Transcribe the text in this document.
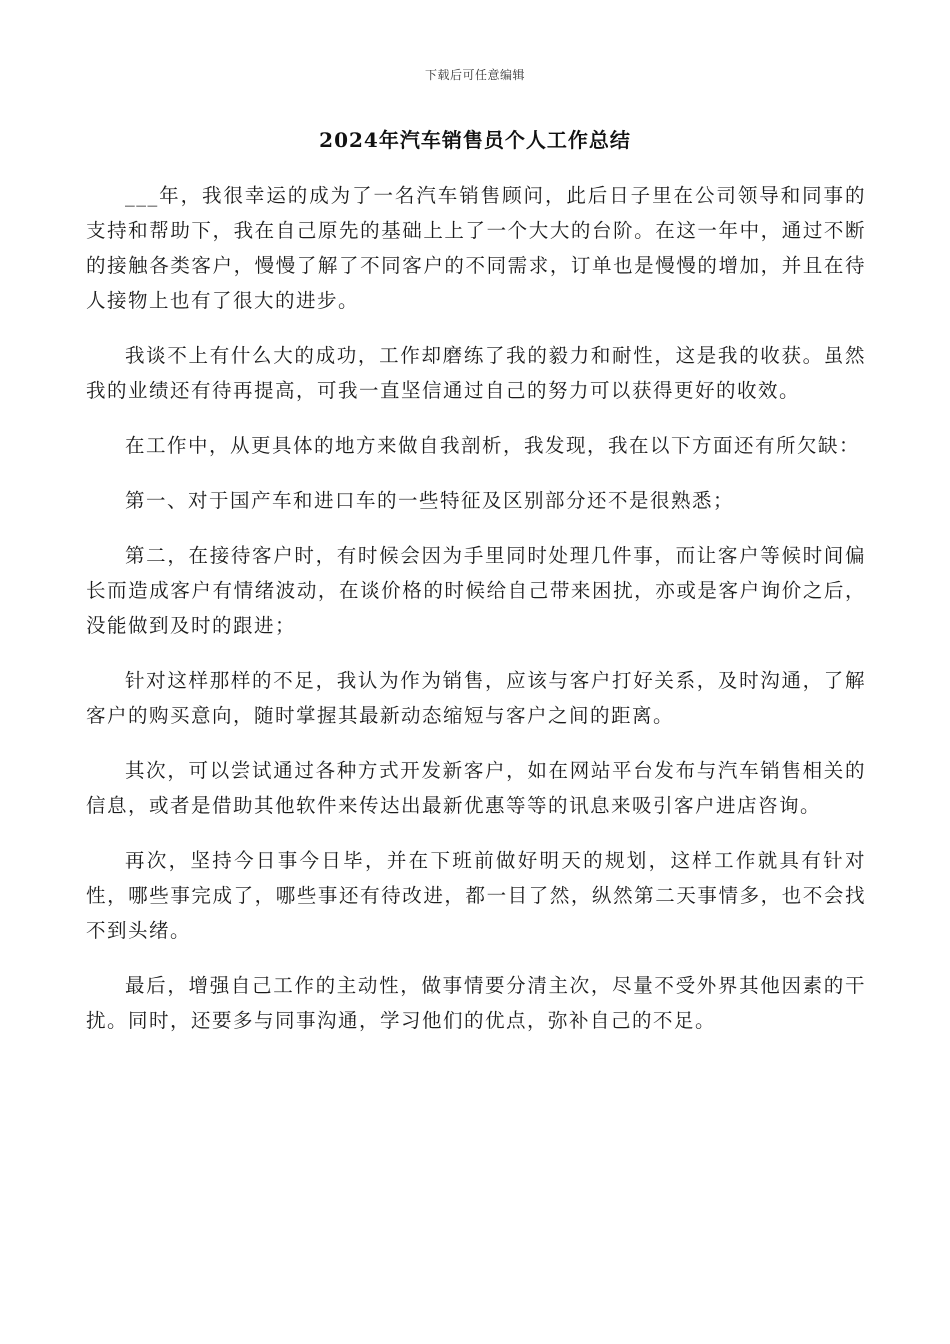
下载后可任意编辑
2024年汽车销售员个人工作总结

___年，我很幸运的成为了一名汽车销售顾问，此后日子里在公司领导和同事的支持和帮助下，我在自己原先的基础上上了一个大大的台阶。在这一年中，通过不断的接触各类客户，慢慢了解了不同客户的不同需求，订单也是慢慢的增加，并且在待人接物上也有了很大的进步。

我谈不上有什么大的成功，工作却磨练了我的毅力和耐性，这是我的收获。虽然我的业绩还有待再提高，可我一直坚信通过自己的努力可以获得更好的收效。

在工作中，从更具体的地方来做自我剖析，我发现，我在以下方面还有所欠缺：

第一、对于国产车和进口车的一些特征及区别部分还不是很熟悉；

第二，在接待客户时，有时候会因为手里同时处理几件事，而让客户等候时间偏长而造成客户有情绪波动，在谈价格的时候给自己带来困扰，亦或是客户询价之后，没能做到及时的跟进；

针对这样那样的不足，我认为作为销售，应该与客户打好关系，及时沟通，了解客户的购买意向，随时掌握其最新动态缩短与客户之间的距离。

其次，可以尝试通过各种方式开发新客户，如在网站平台发布与汽车销售相关的信息，或者是借助其他软件来传达出最新优惠等等的讯息来吸引客户进店咨询。

再次，坚持今日事今日毕，并在下班前做好明天的规划，这样工作就具有针对性，哪些事完成了，哪些事还有待改进，都一目了然，纵然第二天事情多，也不会找不到头绪。

最后，增强自己工作的主动性，做事情要分清主次，尽量不受外界其他因素的干扰。同时，还要多与同事沟通，学习他们的优点，弥补自己的不足。
